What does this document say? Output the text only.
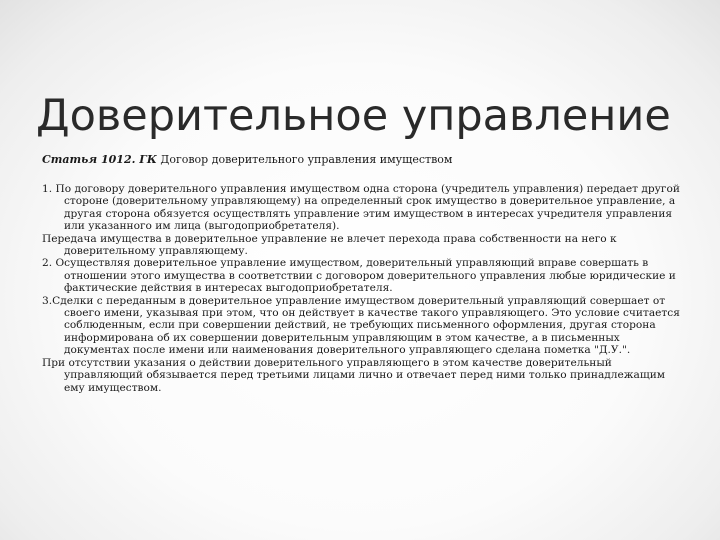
Доверительное управление
Статья 1012. ГК Договор доверительного управления имуществом

1. По договору доверительного управления имуществом одна сторона (учредитель управления) передает другой стороне (доверительному управляющему) на определенный срок имущество в доверительное управление, а другая сторона обязуется осуществлять управление этим имуществом в интересах учредителя управления или указанного им лица (выгодоприобретателя).

Передача имущества в доверительное управление не влечет перехода права собственности на него к доверительному управляющему.

2. Осуществляя доверительное управление имуществом, доверительный управляющий вправе совершать в отношении этого имущества в соответствии с договором доверительного управления любые юридические и фактические действия в интересах выгодоприобретателя.

3.Сделки с переданным в доверительное управление имуществом доверительный управляющий совершает от своего имени, указывая при этом, что он действует в качестве такого управляющего. Это условие считается соблюденным, если при совершении действий, не требующих письменного оформления, другая сторона информирована об их совершении доверительным управляющим в этом качестве, а в письменных документах после имени или наименования доверительного управляющего сделана пометка "Д.У.".

При отсутствии указания о действии доверительного управляющего в этом качестве доверительный управляющий обязывается перед третьими лицами лично и отвечает перед ними только принадлежащим ему имуществом.
